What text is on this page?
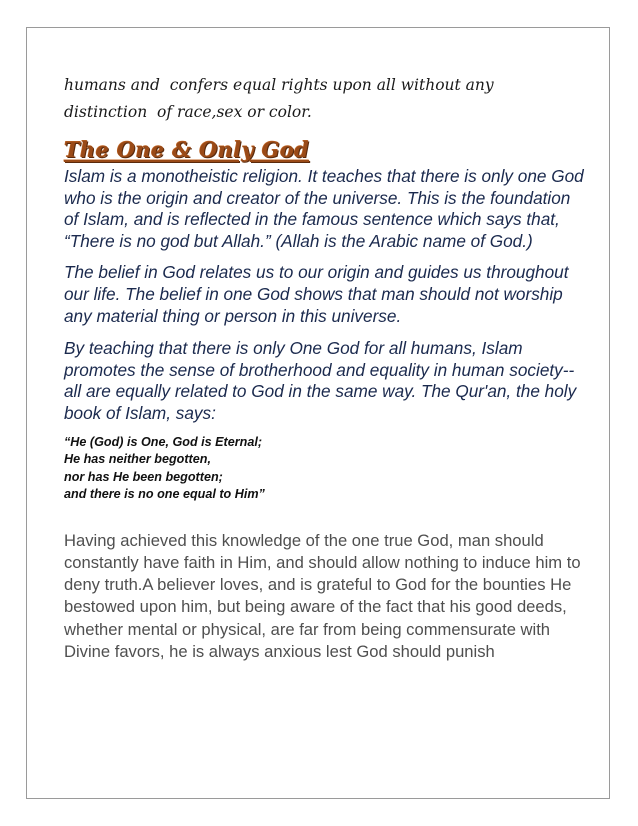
humans and  confers equal rights upon all without any
distinction  of race,sex or color.

The One & Only God

Islam is a monotheistic religion. It teaches that there is only one God who is the origin and creator of the universe. This is the foundation of Islam, and is reflected in the famous sentence which says that, “There is no god but Allah.” (Allah is the Arabic name of God.)

The belief in God relates us to our origin and guides us throughout our life. The belief in one God shows that man should not worship any material thing or person in this universe.

By teaching that there is only One God for all humans, Islam promotes the sense of brotherhood and equality in human society--all are equally related to God in the same way. The Qur'an, the holy book of Islam, says:

“He (God) is One, God is Eternal;
He has neither begotten,
nor has He been begotten;
and there is no one equal to Him”

Having achieved this knowledge of the one true God, man should constantly have faith in Him, and should allow nothing to induce him to deny truth.A believer loves, and is grateful to God for the bounties He bestowed upon him, but being aware of the fact that his good deeds, whether mental or physical, are far from being commensurate with Divine favors, he is always anxious lest God should punish
